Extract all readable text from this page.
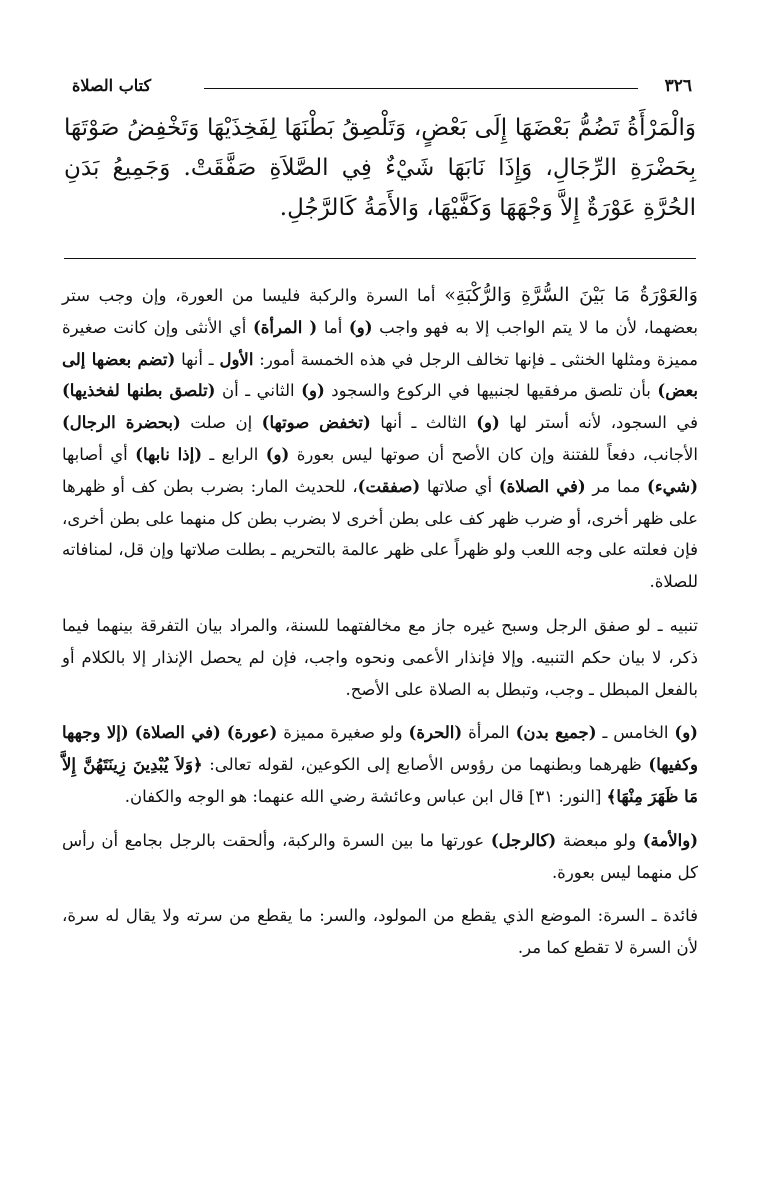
٣٢٦
كتاب الصلاة
وَالْمَرْأَةُ تَضُمُّ بَعْضَهَا إِلَى بَعْضٍ، وَتَلْصِقُ بَطْنَهَا لِفَخِذَيْهَا وَتَخْفِضُ صَوْتَهَا بِحَضْرَةِ الرِّجَالِ، وَإِذَا نَابَهَا شَيْءٌ فِي الصَّلاَةِ صَفَّقَتْ. وَجَمِيعُ بَدَنِ الحُرَّةِ عَوْرَةٌ إِلاَّ وَجْهَهَا وَكَفَّيْهَا، وَالأَمَةُ كَالرَّجُلِ.

وَالعَوْرَةُ مَا بَيْنَ السُّرَّةِ وَالرُّكْبَةِ» أما السرة والركبة فليسا من العورة، وإن وجب ستر بعضهما، لأن ما لا يتم الواجب إلا به فهو واجب (و) أما ( المرأة) أي الأنثى وإن كانت صغيرة مميزة ومثلها الخنثى ـ فإنها تخالف الرجل في هذه الخمسة أمور: الأول ـ أنها (تضم بعضها إلى بعض) بأن تلصق مرفقيها لجنبيها في الركوع والسجود (و) الثاني ـ أن (تلصق بطنها لفخذيها) في السجود، لأنه أستر لها (و) الثالث ـ أنها (تخفض صوتها) إن صلت (بحضرة الرجال) الأجانب، دفعاً للفتنة وإن كان الأصح أن صوتها ليس بعورة (و) الرابع ـ (إذا نابها) أي أصابها (شيء) مما مر (في الصلاة) أي صلاتها (صفقت)، للحديث المار: بضرب بطن كف أو ظهرها على ظهر أخرى، أو ضرب ظهر كف على بطن أخرى لا بضرب بطن كل منهما على بطن أخرى، فإن فعلته على وجه اللعب ولو ظهراً على ظهر عالمة بالتحريم ـ بطلت صلاتها وإن قل، لمنافاته للصلاة.

تنبيه ـ لو صفق الرجل وسبح غيره جاز مع مخالفتهما للسنة، والمراد بيان التفرقة بينهما فيما ذكر، لا بيان حكم التنبيه. وإلا فإنذار الأعمى ونحوه واجب، فإن لم يحصل الإنذار إلا بالكلام أو بالفعل المبطل ـ وجب، وتبطل به الصلاة على الأصح.

(و) الخامس ـ (جميع بدن) المرأة (الحرة) ولو صغيرة مميزة (عورة) (في الصلاة) (إلا وجهها وكفيها) ظهرهما وبطنهما من رؤوس الأصابع إلى الكوعين، لقوله تعالى: ﴿وَلاَ يُبْدِينَ زِينَتَهُنَّ إِلاَّ مَا ظَهَرَ مِنْهَا﴾ [النور: ٣١] قال ابن عباس وعائشة رضي الله عنهما: هو الوجه والكفان.

(والأمة) ولو مبعضة (كالرجل) عورتها ما بين السرة والركبة، وألحقت بالرجل بجامع أن رأس كل منهما ليس بعورة.

فائدة ـ السرة: الموضع الذي يقطع من المولود، والسر: ما يقطع من سرته ولا يقال له سرة، لأن السرة لا تقطع كما مر.
